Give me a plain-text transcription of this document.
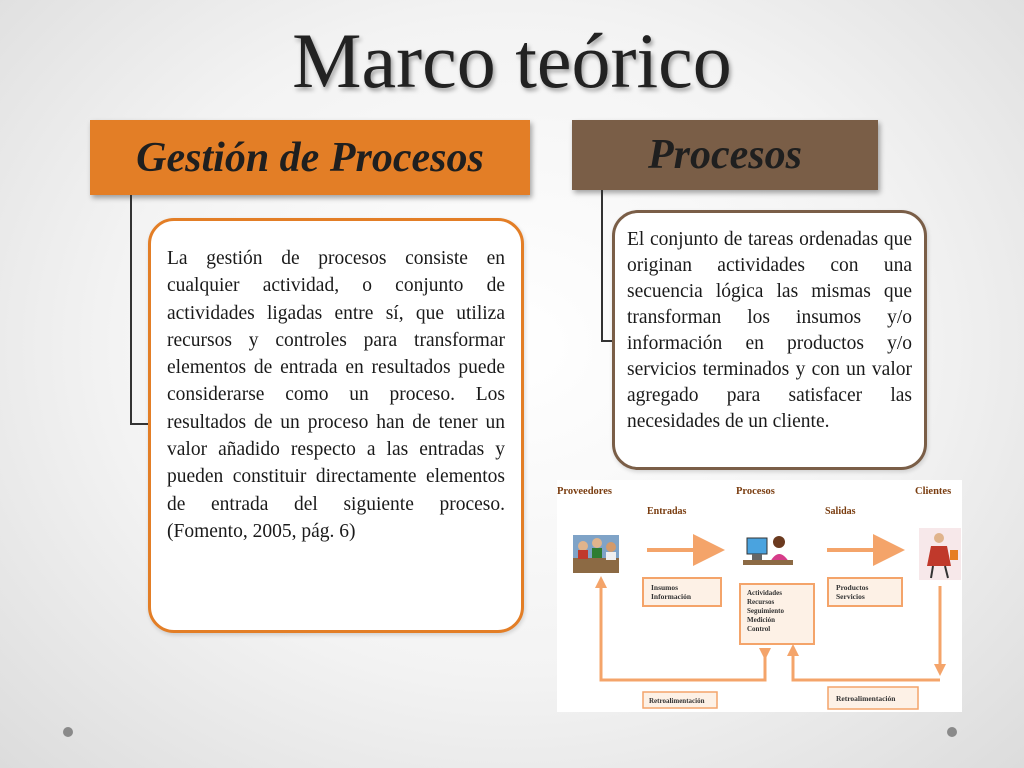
Marco teórico
Gestión de Procesos
La gestión de procesos consiste en cualquier actividad, o conjunto de actividades ligadas entre sí, que utiliza recursos y controles para transformar elementos de entrada en resultados puede considerarse como un proceso. Los resultados de un proceso han de tener un valor añadido respecto a las entradas y pueden constituir directamente elementos de entrada del siguiente proceso. (Fomento, 2005, pág. 6)
Procesos
El conjunto de tareas ordenadas que originan actividades con una secuencia lógica las mismas que transforman los insumos y/o información en productos y/o servicios terminados y con un valor agregado para satisfacer las necesidades de un cliente.
Proveedores	Procesos	Clientes
Entradas	Salidas
Insumos
Información	Actividades
Recursos
Seguimiento
Medición
Control
Productos
Servicios
Retroalimentación	Retroalimentación
